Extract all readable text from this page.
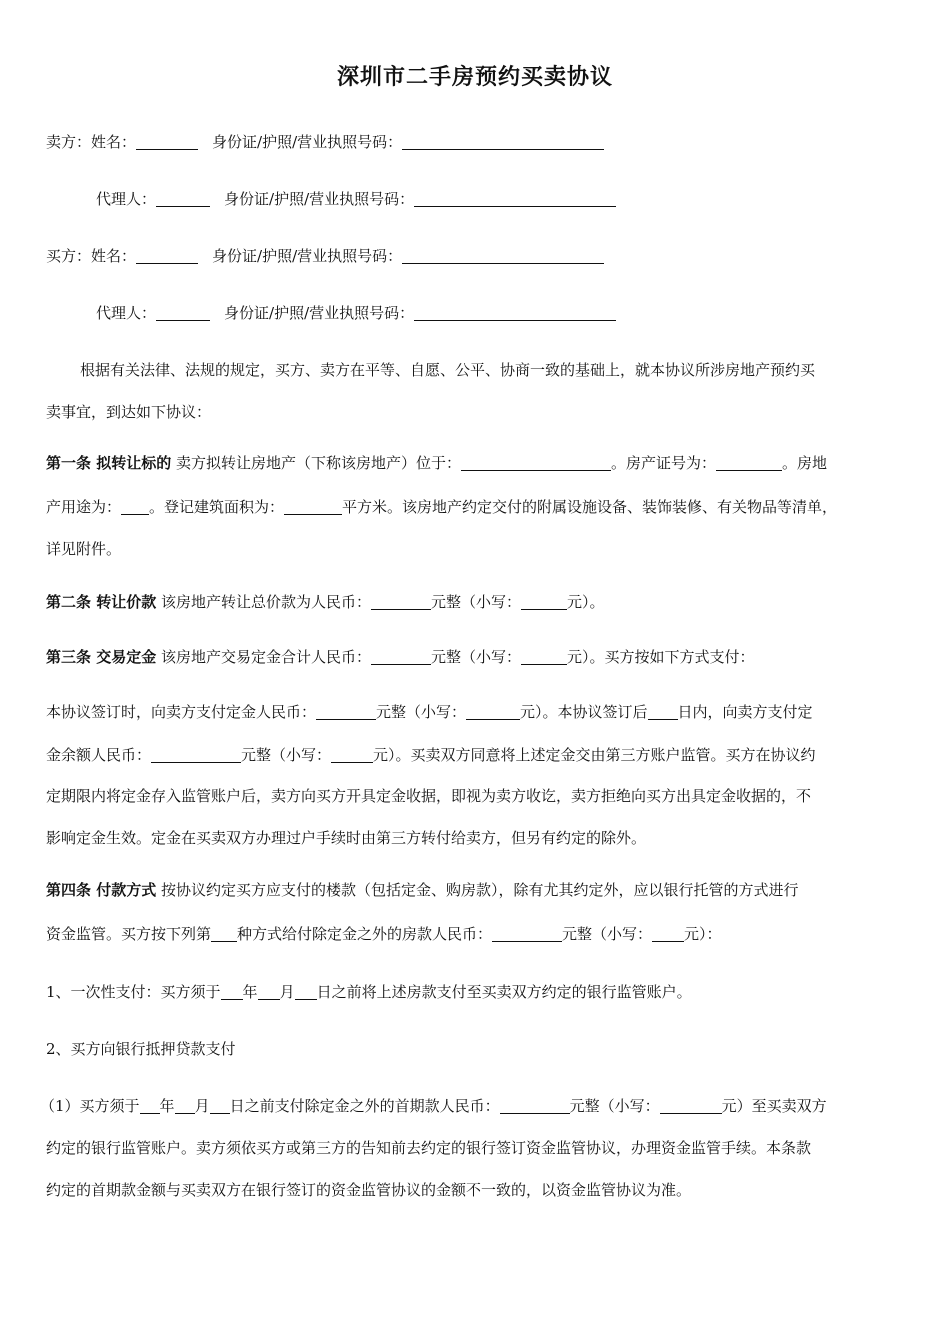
深圳市二手房预约买卖协议
卖方：姓名：	身份证/护照/营业执照号码：
代理人：	身份证/护照/营业执照号码：
买方：姓名：	身份证/护照/营业执照号码：
代理人：	身份证/护照/营业执照号码：
根据有关法律、法规的规定，买方、卖方在平等、自愿、公平、协商一致的基础上，就本协议所涉房地产预约买
卖事宜，到达如下协议：
第一条 拟转让标的 卖方拟转让房地产（下称该房地产）位于：	。房产证号为：	。房地
产用途为： 。登记建筑面积为：	平方米。该房地产约定交付的附属设施设备、装饰装修、有关物品等清单，
详见附件。
第二条 转让价款 该房地产转让总价款为人民币：	元整（小写：	元）。
第三条 交易定金 该房地产交易定金合计人民币：	元整（小写：	元）。买方按如下方式支付：
本协议签订时，向卖方支付定金人民币：	元整（小写：	元）。本协议签订后 日内，向卖方支付定
金余额人民币：	元整（小写：	元）。买卖双方同意将上述定金交由第三方账户监管。买方在协议约
定期限内将定金存入监管账户后，卖方向买方开具定金收据，即视为卖方收讫，卖方拒绝向买方出具定金收据的，不
影响定金生效。定金在买卖双方办理过户手续时由第三方转付给卖方，但另有约定的除外。
第四条 付款方式 按协议约定买方应支付的楼款（包括定金、购房款），除有尤其约定外，应以银行托管的方式进行
资金监管。买方按下列第 种方式给付除定金之外的房款人民币：	元整（小写： 元）：
1、一次性支付：买方须于 年 月 日之前将上述房款支付至买卖双方约定的银行监管账户。
2、买方向银行抵押贷款支付
（1）买方须于 年 月 日之前支付除定金之外的首期款人民币：	元整（小写：	元）至买卖双方
约定的银行监管账户。卖方须依买方或第三方的告知前去约定的银行签订资金监管协议，办理资金监管手续。本条款
约定的首期款金额与买卖双方在银行签订的资金监管协议的金额不一致的，以资金监管协议为准。
